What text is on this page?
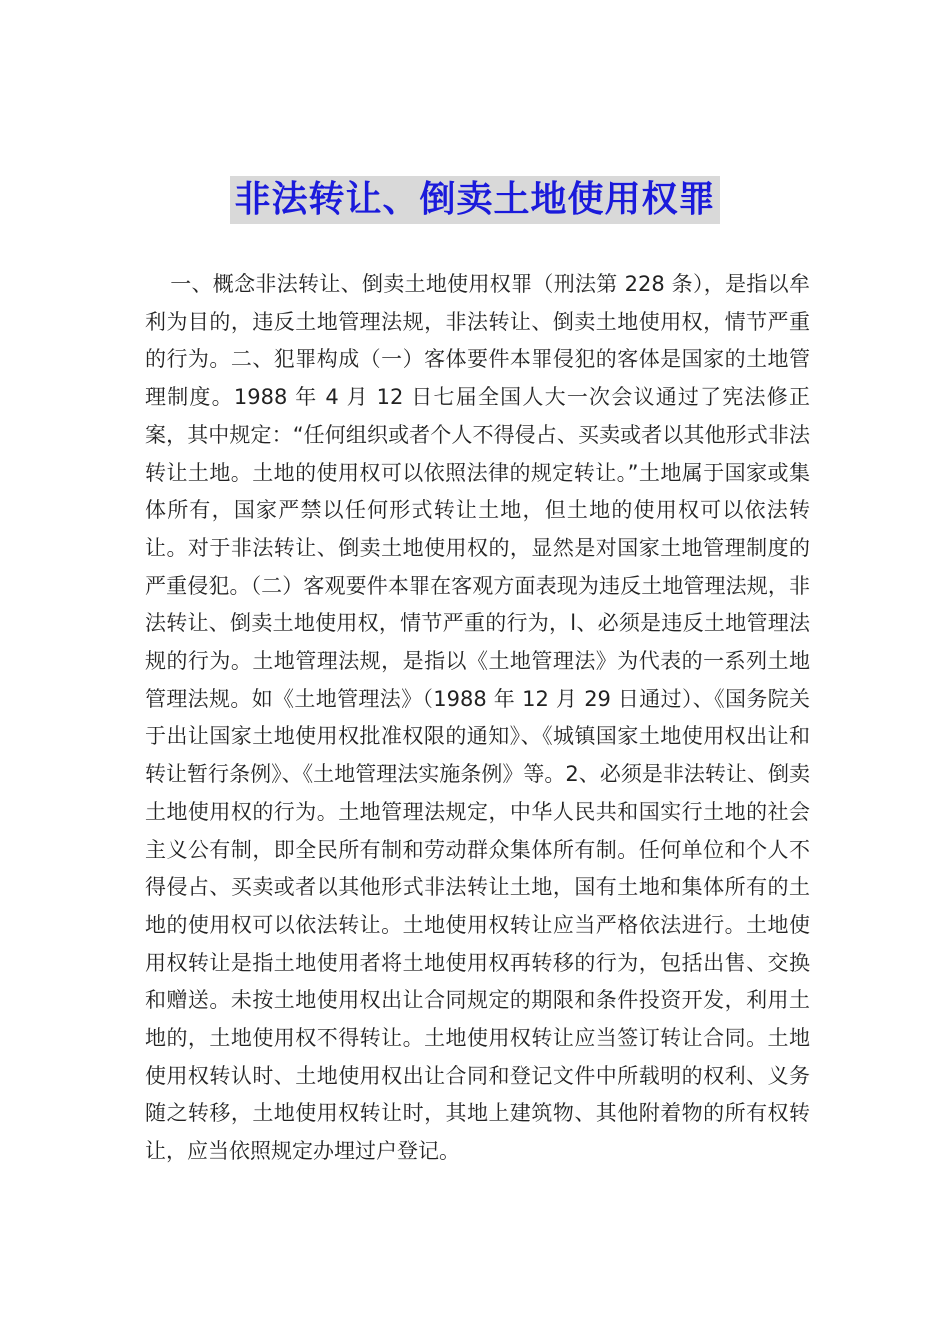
非法转让、倒卖土地使用权罪

一、概念非法转让、倒卖土地使用权罪（刑法第 228 条），是指以牟利为目的，违反土地管理法规，非法转让、倒卖土地使用权，情节严重的行为。二、犯罪构成（一）客体要件本罪侵犯的客体是国家的土地管理制度。1988 年 4 月 12 日七届全国人大一次会议通过了宪法修正案，其中规定：“任何组织或者个人不得侵占、买卖或者以其他形式非法转让土地。土地的使用权可以依照法律的规定转让。”土地属于国家或集体所有，国家严禁以任何形式转让土地，但土地的使用权可以依法转让。对于非法转让、倒卖土地使用权的，显然是对国家土地管理制度的严重侵犯。（二）客观要件本罪在客观方面表现为违反土地管理法规，非法转让、倒卖土地使用权，情节严重的行为，l、必须是违反土地管理法规的行为。土地管理法规，是指以《土地管理法》为代表的一系列土地管理法规。如《土地管理法》（1988 年 12 月 29 日通过）、《国务院关于出让国家土地使用权批准权限的通知》、《城镇国家土地使用权出让和转让暂行条例》、《土地管理法实施条例》等。2、必须是非法转让、倒卖土地使用权的行为。土地管理法规定，中华人民共和国实行土地的社会主义公有制，即全民所有制和劳动群众集体所有制。任何单位和个人不得侵占、买卖或者以其他形式非法转让土地，国有土地和集体所有的土地的使用权可以依法转让。土地使用权转让应当严格依法进行。土地使用权转让是指土地使用者将土地使用权再转移的行为，包括出售、交换和赠送。未按土地使用权出让合同规定的期限和条件投资开发，利用土地的，土地使用权不得转让。土地使用权转让应当签订转让合同。土地使用权转认时、土地使用权出让合同和登记文件中所载明的权利、义务随之转移，土地使用权转让时，其地上建筑物、其他附着物的所有权转让，应当依照规定办埋过户登记。
